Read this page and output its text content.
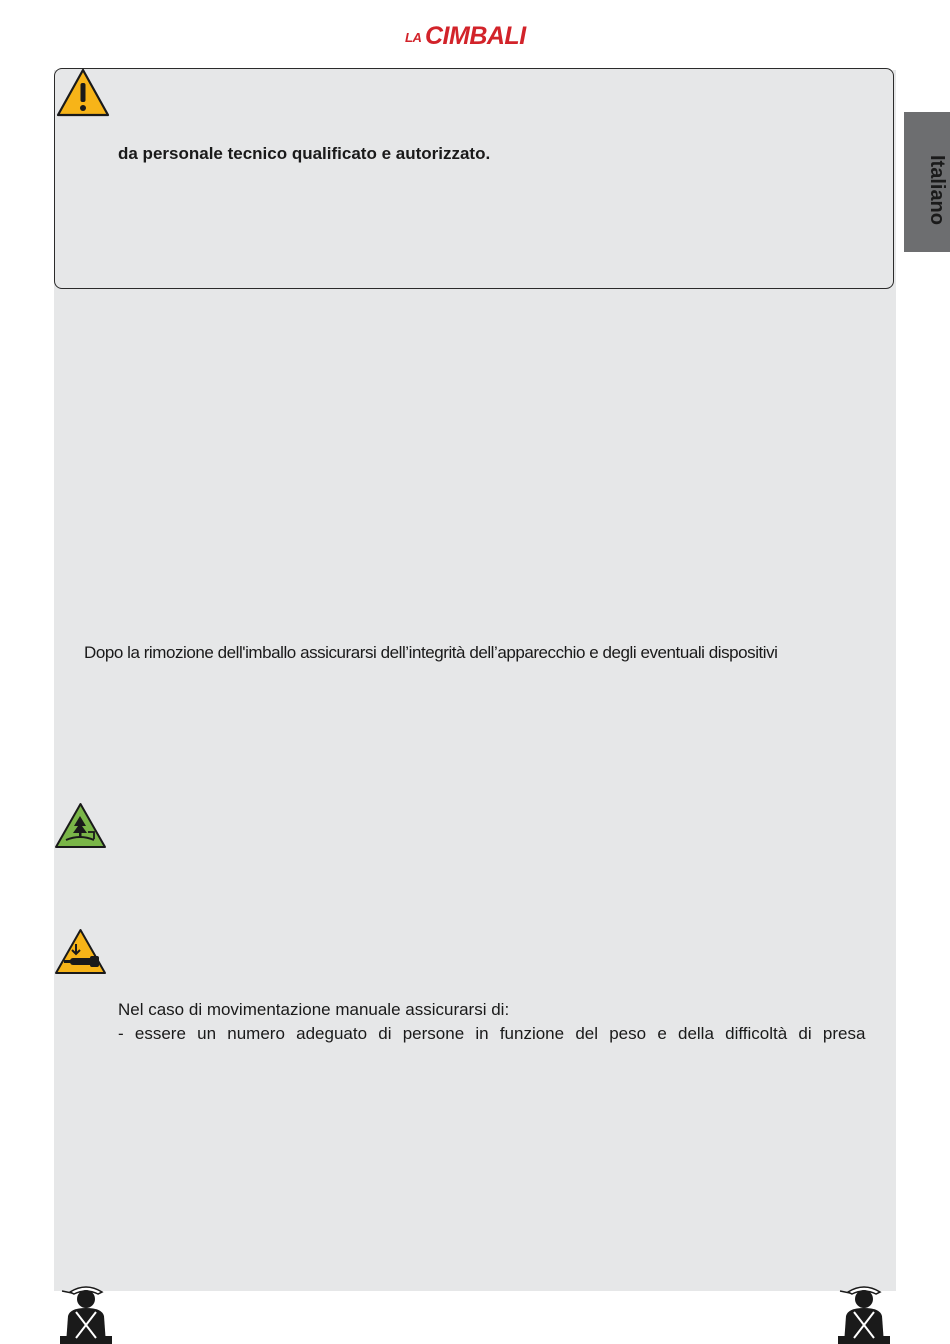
LA CIMBALI
da personale tecnico qualificato e autorizzato.
Italiano
Dopo la rimozione dell'imballo assicurarsi dell’integrità dell’apparecchio e degli eventuali dispositivi
Nel caso di movimentazione manuale assicurarsi di:
- essere un numero adeguato di persone in funzione del peso e della difficoltà di presa
